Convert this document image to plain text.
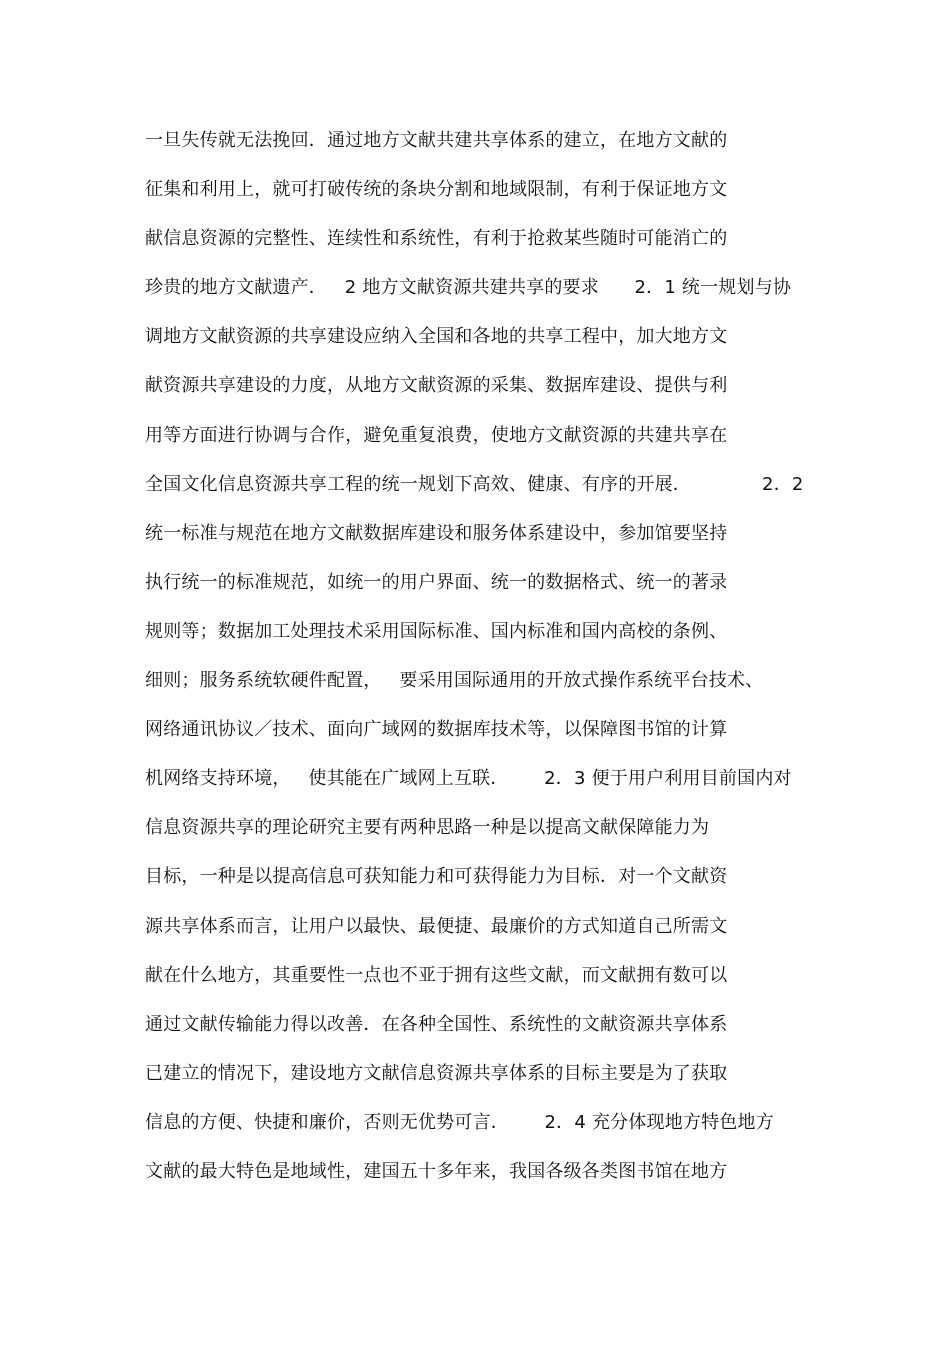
一旦失传就无法挽回．通过地方文献共建共享体系的建立，在地方文献的
征集和利用上，就可打破传统的条块分割和地域限制，有利于保证地方文
献信息资源的完整性、连续性和系统性，有利于抢救某些随时可能消亡的
珍贵的地方文献遗产．   2 地方文献资源共建共享的要求      2．1 统一规划与协
调地方文献资源的共享建设应纳入全国和各地的共享工程中，加大地方文
献资源共享建设的力度，从地方文献资源的采集、数据库建设、提供与利
用等方面进行协调与合作，避免重复浪费，使地方文献资源的共建共享在
全国文化信息资源共享工程的统一规划下高效、健康、有序的开展．            2．2
统一标准与规范在地方文献数据库建设和服务体系建设中，参加馆要坚持
执行统一的标准规范，如统一的用户界面、统一的数据格式、统一的著录
规则等；数据加工处理技术采用国际标准、国内标准和国内高校的条例、
细则；服务系统软硬件配置，   要采用国际通用的开放式操作系统平台技术、
网络通讯协议／技术、面向广域网的数据库技术等，以保障图书馆的计算
机网络支持环境，   使其能在广域网上互联．      2．3 便于用户利用目前国内对
信息资源共享的理论研究主要有两种思路一种是以提高文献保障能力为
目标，一种是以提高信息可获知能力和可获得能力为目标．对一个文献资
源共享体系而言，让用户以最快、最便捷、最廉价的方式知道自己所需文
献在什么地方，其重要性一点也不亚于拥有这些文献，而文献拥有数可以
通过文献传输能力得以改善．在各种全国性、系统性的文献资源共享体系
已建立的情况下，建设地方文献信息资源共享体系的目标主要是为了获取
信息的方便、快捷和廉价，否则无优势可言．      2．4 充分体现地方特色地方
文献的最大特色是地域性，建国五十多年来，我国各级各类图书馆在地方
